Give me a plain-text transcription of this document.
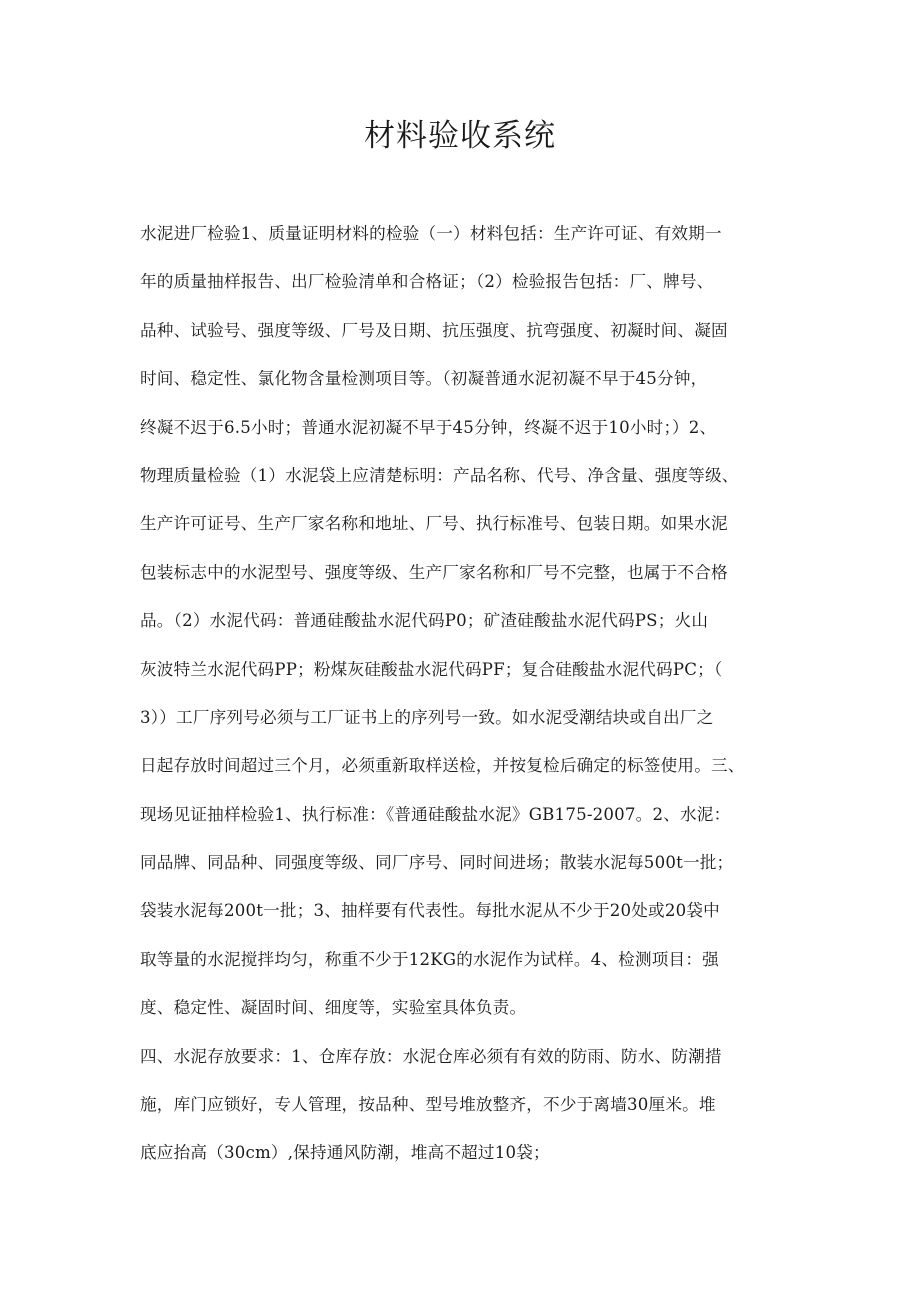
材料验收系统
水泥进厂检验1、质量证明材料的检验（一）材料包括：生产许可证、有效期一
年的质量抽样报告、出厂检验清单和合格证；（2）检验报告包括：厂、牌号、
品种、试验号、强度等级、厂号及日期、抗压强度、抗弯强度、初凝时间、凝固
时间、稳定性、氯化物含量检测项目等。（初凝普通水泥初凝不早于45分钟，
终凝不迟于6.5小时；普通水泥初凝不早于45分钟，终凝不迟于10小时；）2、
物理质量检验（1）水泥袋上应清楚标明：产品名称、代号、净含量、强度等级、
生产许可证号、生产厂家名称和地址、厂号、执行标准号、包装日期。如果水泥
包装标志中的水泥型号、强度等级、生产厂家名称和厂号不完整，也属于不合格
品。（2）水泥代码：普通硅酸盐水泥代码P0；矿渣硅酸盐水泥代码PS；火山
灰波特兰水泥代码PP；粉煤灰硅酸盐水泥代码PF；复合硅酸盐水泥代码PC；（
3））工厂序列号必须与工厂证书上的序列号一致。如水泥受潮结块或自出厂之
日起存放时间超过三个月，必须重新取样送检，并按复检后确定的标签使用。三、
现场见证抽样检验1、执行标准：《普通硅酸盐水泥》GB175-2007。2、水泥：
同品牌、同品种、同强度等级、同厂序号、同时间进场；散装水泥每500t一批；
袋装水泥每200t一批；3、抽样要有代表性。每批水泥从不少于20处或20袋中
取等量的水泥搅拌均匀，称重不少于12KG的水泥作为试样。4、检测项目：强
度、稳定性、凝固时间、细度等，实验室具体负责。
四、水泥存放要求：1、仓库存放：水泥仓库必须有有效的防雨、防水、防潮措
施，库门应锁好，专人管理，按品种、型号堆放整齐，不少于离墙30厘米。堆
底应抬高（30cm）,保持通风防潮，堆高不超过10袋；
